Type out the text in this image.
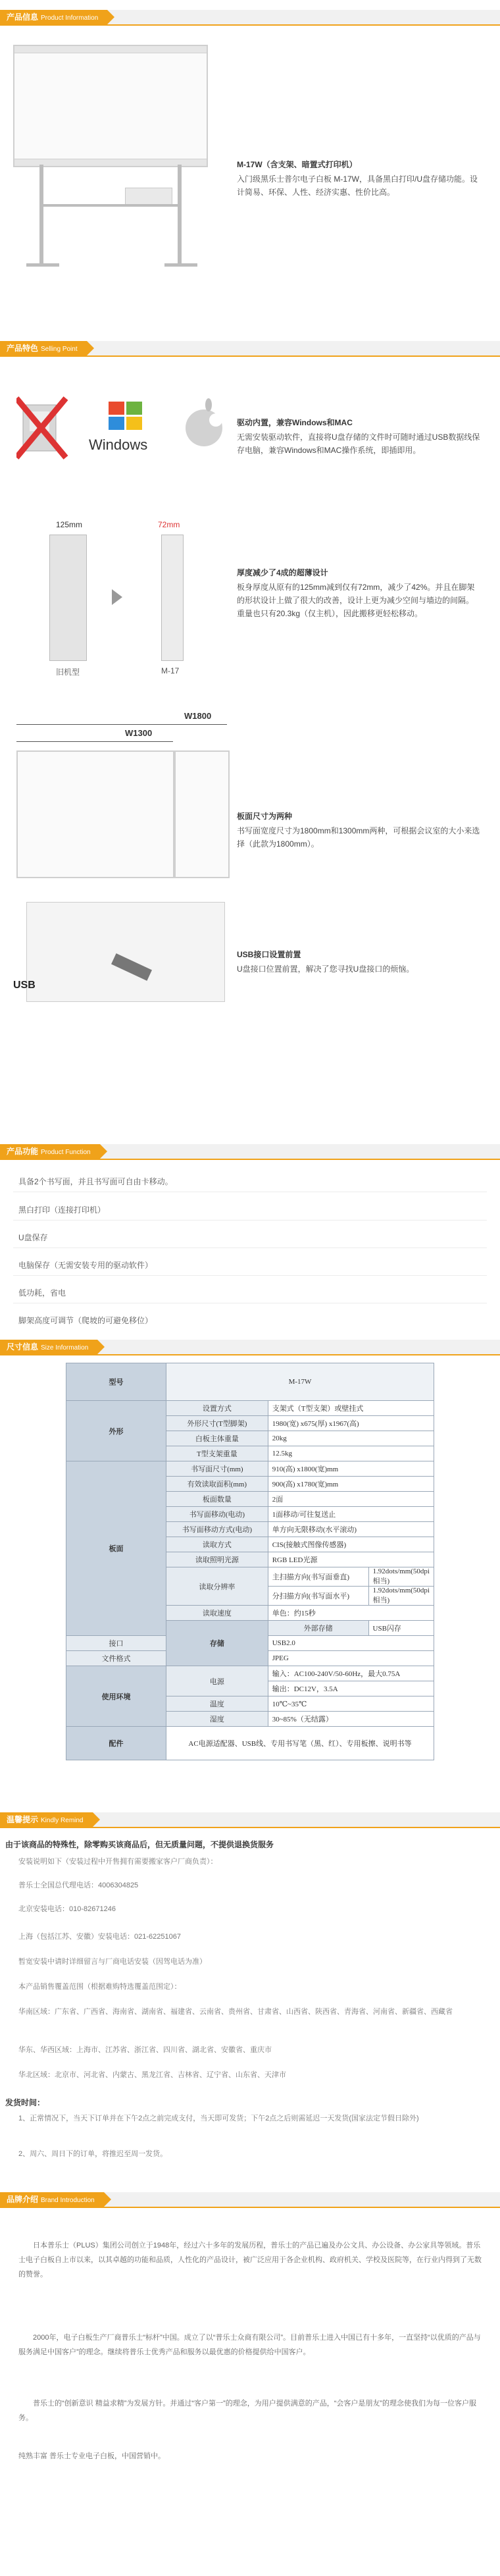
产品信息 Product Information
M-17W（含支架、暗置式打印机）
入门级黑乐士普尔电子白板 M-17W，具备黑白打印/U盘存储功能。设计简易、环保、人性、经济实惠、性价比高。
产品特色 Selling Point
Windows
驱动内置，兼容Windows和MAC
无需安装驱动软件，直接将U盘存储的文件时可随时通过USB数据线保存电脑，兼容Windows和MAC操作系统，即插即用。
125mm	72mm
旧机型	M-17
厚度减少了4成的超薄设计
板身厚度从原有的125mm减到仅有72mm，减少了42%。并且在脚架的形状设计上做了很大的改善，设计上更为减少空间与墙边的间隔。重量也只有20.3kg（仅主机），因此搬移更轻松移动。
W1800
W1300
板面尺寸为两种
书写面宽度尺寸为1800mm和1300mm两种，可根据会议室的大小来选择（此款为1800mm）。
USB
USB接口设置前置
U盘接口位置前置，解决了您寻找U盘接口的烦恼。
产品功能 Product Function
具备2个书写面，并且书写面可自由卡移动。
黑白打印（连接打印机）
U盘保存
电脑保存（无需安装专用的驱动软件）
低功耗，省电
脚架高度可调节（爬坡的可避免移位）
尺寸信息 Size Information
型号	M-17W		
外形	设置方式	支架式（T型支架）或壁挂式	
	外形尺寸(T型脚架)	1980(宽) x675(厚) x1967(高)	
	白板主体重量	20kg	
	T型支架重量	12.5kg	
板面	书写面尺寸(mm)	910(高) x1800(宽)mm	
	有效读取面积(mm)	900(高) x1780(宽)mm	
	板面数量	2面	
	书写面移动(电动)	1面移动/可往复送止	
	书写面移动方式(电动)	单方向无限移动(水平滚动)	
	读取方式	CIS(接触式图像传感器)	
	读取照明光源	RGB LED光源	
	读取分辨率	主扫描方向(书写面垂直)	1.92dots/mm(50dpi相当)
		分扫描方向(书写面水平)	1.92dots/mm(50dpi相当)
	读取速度	单色：约15秒	
	存储	外部存储	USB闪存
接口		USB2.0	
文件格式		JPEG	
使用环境	电源	输入：AC100-240V/50-60Hz，最大0.75A	
		输出：DC12V，3.5A	
	温度	10℃~35℃	
	湿度	30~85%（无结露）	
配件	AC电源适配器、USB线、专用书写笔（黑、红）、专用板擦、说明书等		
温馨提示 Kindly Remind
由于该商品的特殊性，除零购买该商品后，但无质量问题，不提供退换货服务
安装说明如下（安装过程中开售拥有需要搬家客户厂商负责）：
普乐士全国总代理电话：4006304825
北京安装电话：010-82671246
上海（包括江苏、安徽）安装电话：021-62251067
暂宽安装中请时详细留言与厂商电话安装（因驾电话为准）
本产品销售覆盖范围（根据难购特选覆盖范围定）：
华南区域：广东省、广西省、海南省、湖南省、福建省、云南省、贵州省、甘肃省、山西省、陕西省、青海省、河南省、新疆省、西藏省
华东、华西区域：上海市、江苏省、浙江省、四川省、湖北省、安徽省、重庆市
华北区域：北京市、河北省、内蒙古、黑龙江省、吉林省、辽宁省、山东省、天津市
发货时间：
1、正常情况下，当天下订单并在下午2点之前完成支付，当天即可发货；下午2点之后则需延迟一天发货(国家法定节假日除外)
2、周六、周日下的订单，将推迟至周一发货。
品牌介绍 Brand Introduction
日本普乐士（PLUS）集团公司创立于1948年，经过六十多年的发展历程，普乐士的产品已遍及办公文具、办公设备、办公家具等领域。普乐士电子白板自上市以来，以其卓越的功能和品质，人性化的产品设计，被广泛应用于各企业机构、政府机关、学校及医院等，在行业内得到了无数的赞誉。
2000年，电子白板生产厂商普乐士“标杆”中国。成立了以“普乐士众商有限公司”。目前普乐士进入中国已有十多年，一直坚持“以优质的产品与服务满足中国客户”的理念。继续将普乐士优秀产品和服务以最优惠的价格提供给中国客户。
普乐士的“创新意识 精益求精”为发展方针。并通过“客户第一”的理念，为用户提供满意的产品，“会客户是朋友”的理念使我们为每一位客户服务。
纯熟丰富 普乐士专业电子白板，中国营销中。
